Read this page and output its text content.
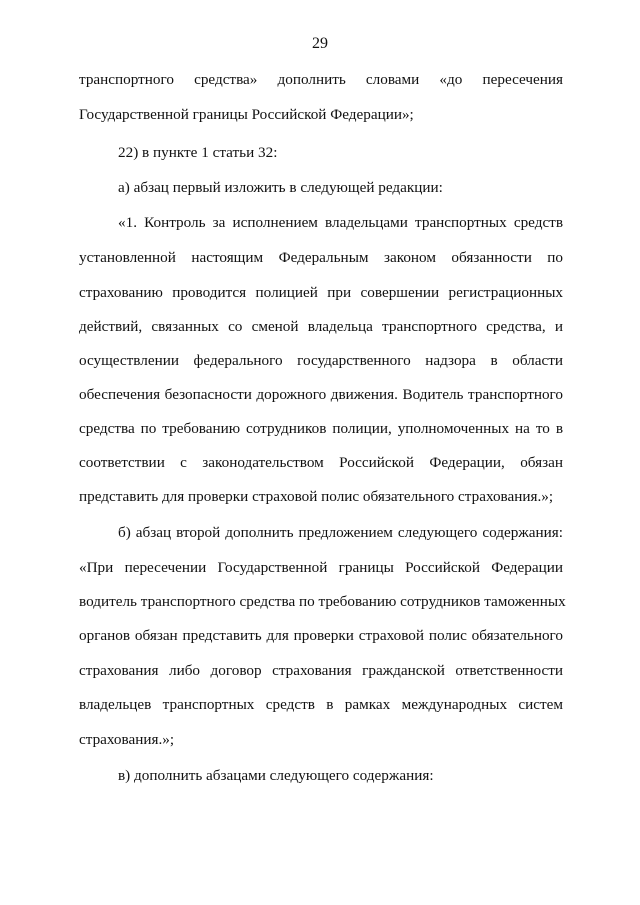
29
транспортного средства» дополнить словами «до пересечения
Государственной границы Российской Федерации»;
22) в пункте 1 статьи 32:
а) абзац первый изложить в следующей редакции:
«1. Контроль за исполнением владельцами транспортных средств
установленной настоящим Федеральным законом обязанности по
страхованию проводится полицией при совершении регистрационных
действий, связанных со сменой владельца транспортного средства, и
осуществлении федерального государственного надзора в области
обеспечения безопасности дорожного движения. Водитель транспортного
средства по требованию сотрудников полиции, уполномоченных на то в
соответствии с законодательством Российской Федерации, обязан
представить для проверки страховой полис обязательного страхования.»;
б) абзац второй дополнить предложением следующего содержания:
«При пересечении Государственной границы Российской Федерации
водитель транспортного средства по требованию сотрудников таможенных
органов обязан представить для проверки страховой полис обязательного
страхования либо договор страхования гражданской ответственности
владельцев транспортных средств в рамках международных систем
страхования.»;
в) дополнить абзацами следующего содержания:
